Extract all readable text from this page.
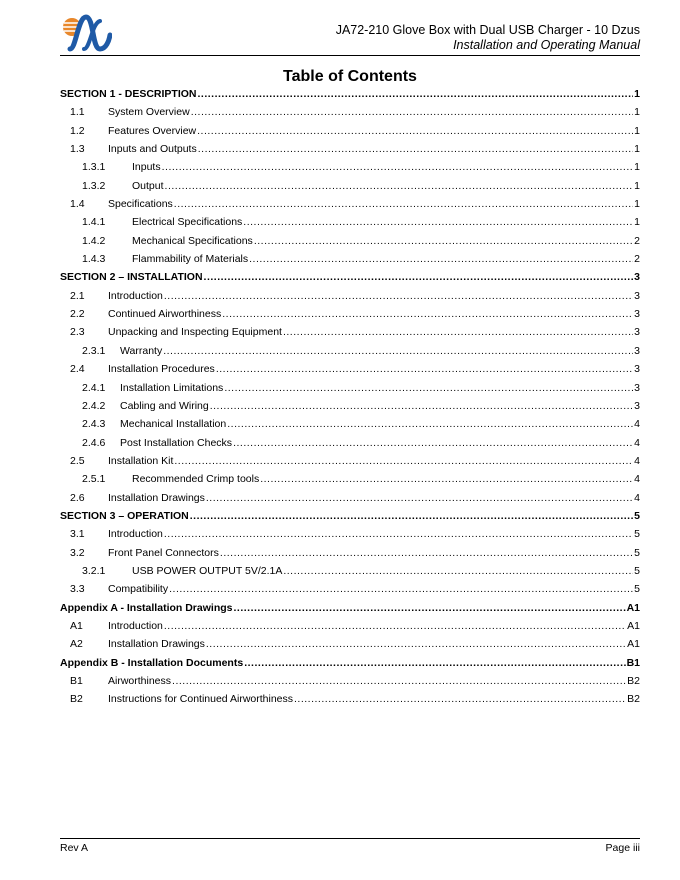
JA72-210 Glove Box with Dual USB Charger - 10 Dzus
Installation and Operating Manual
Table of Contents
SECTION 1 - DESCRIPTION .....	1
1.1 System Overview .....	1
1.2 Features Overview .....	1
1.3 Inputs and Outputs .....	1
1.3.1	Inputs .....	1
1.3.2	Output .....	1
1.4 Specifications .....	1
1.4.1	Electrical Specifications .....	1
1.4.2	Mechanical Specifications .....	2
1.4.3	Flammability of Materials .....	2
SECTION 2 – INSTALLATION .....	3
2.1 Introduction .....	3
2.2 Continued Airworthiness .....	3
2.3 Unpacking and Inspecting Equipment .....	3
2.3.1 Warranty .....	3
2.4 Installation Procedures .....	3
2.4.1 Installation Limitations .....	3
2.4.2 Cabling and Wiring .....	3
2.4.3 Mechanical Installation .....	4
2.4.6 Post Installation Checks .....	4
2.5 Installation Kit .....	4
2.5.1	Recommended Crimp tools .....	4
2.6 Installation Drawings .....	4
SECTION 3 – OPERATION .....	5
3.1 Introduction .....	5
3.2 Front Panel Connectors .....	5
3.2.1	USB POWER OUTPUT 5V/2.1A .....	5
3.3 Compatibility .....	5
Appendix A - Installation Drawings .....	A1
A1 Introduction .....	A1
A2 Installation Drawings .....	A1
Appendix B - Installation Documents .....	B1
B1 Airworthiness .....	B2
B2 Instructions for Continued Airworthiness .....	B2
Rev A	Page iii
